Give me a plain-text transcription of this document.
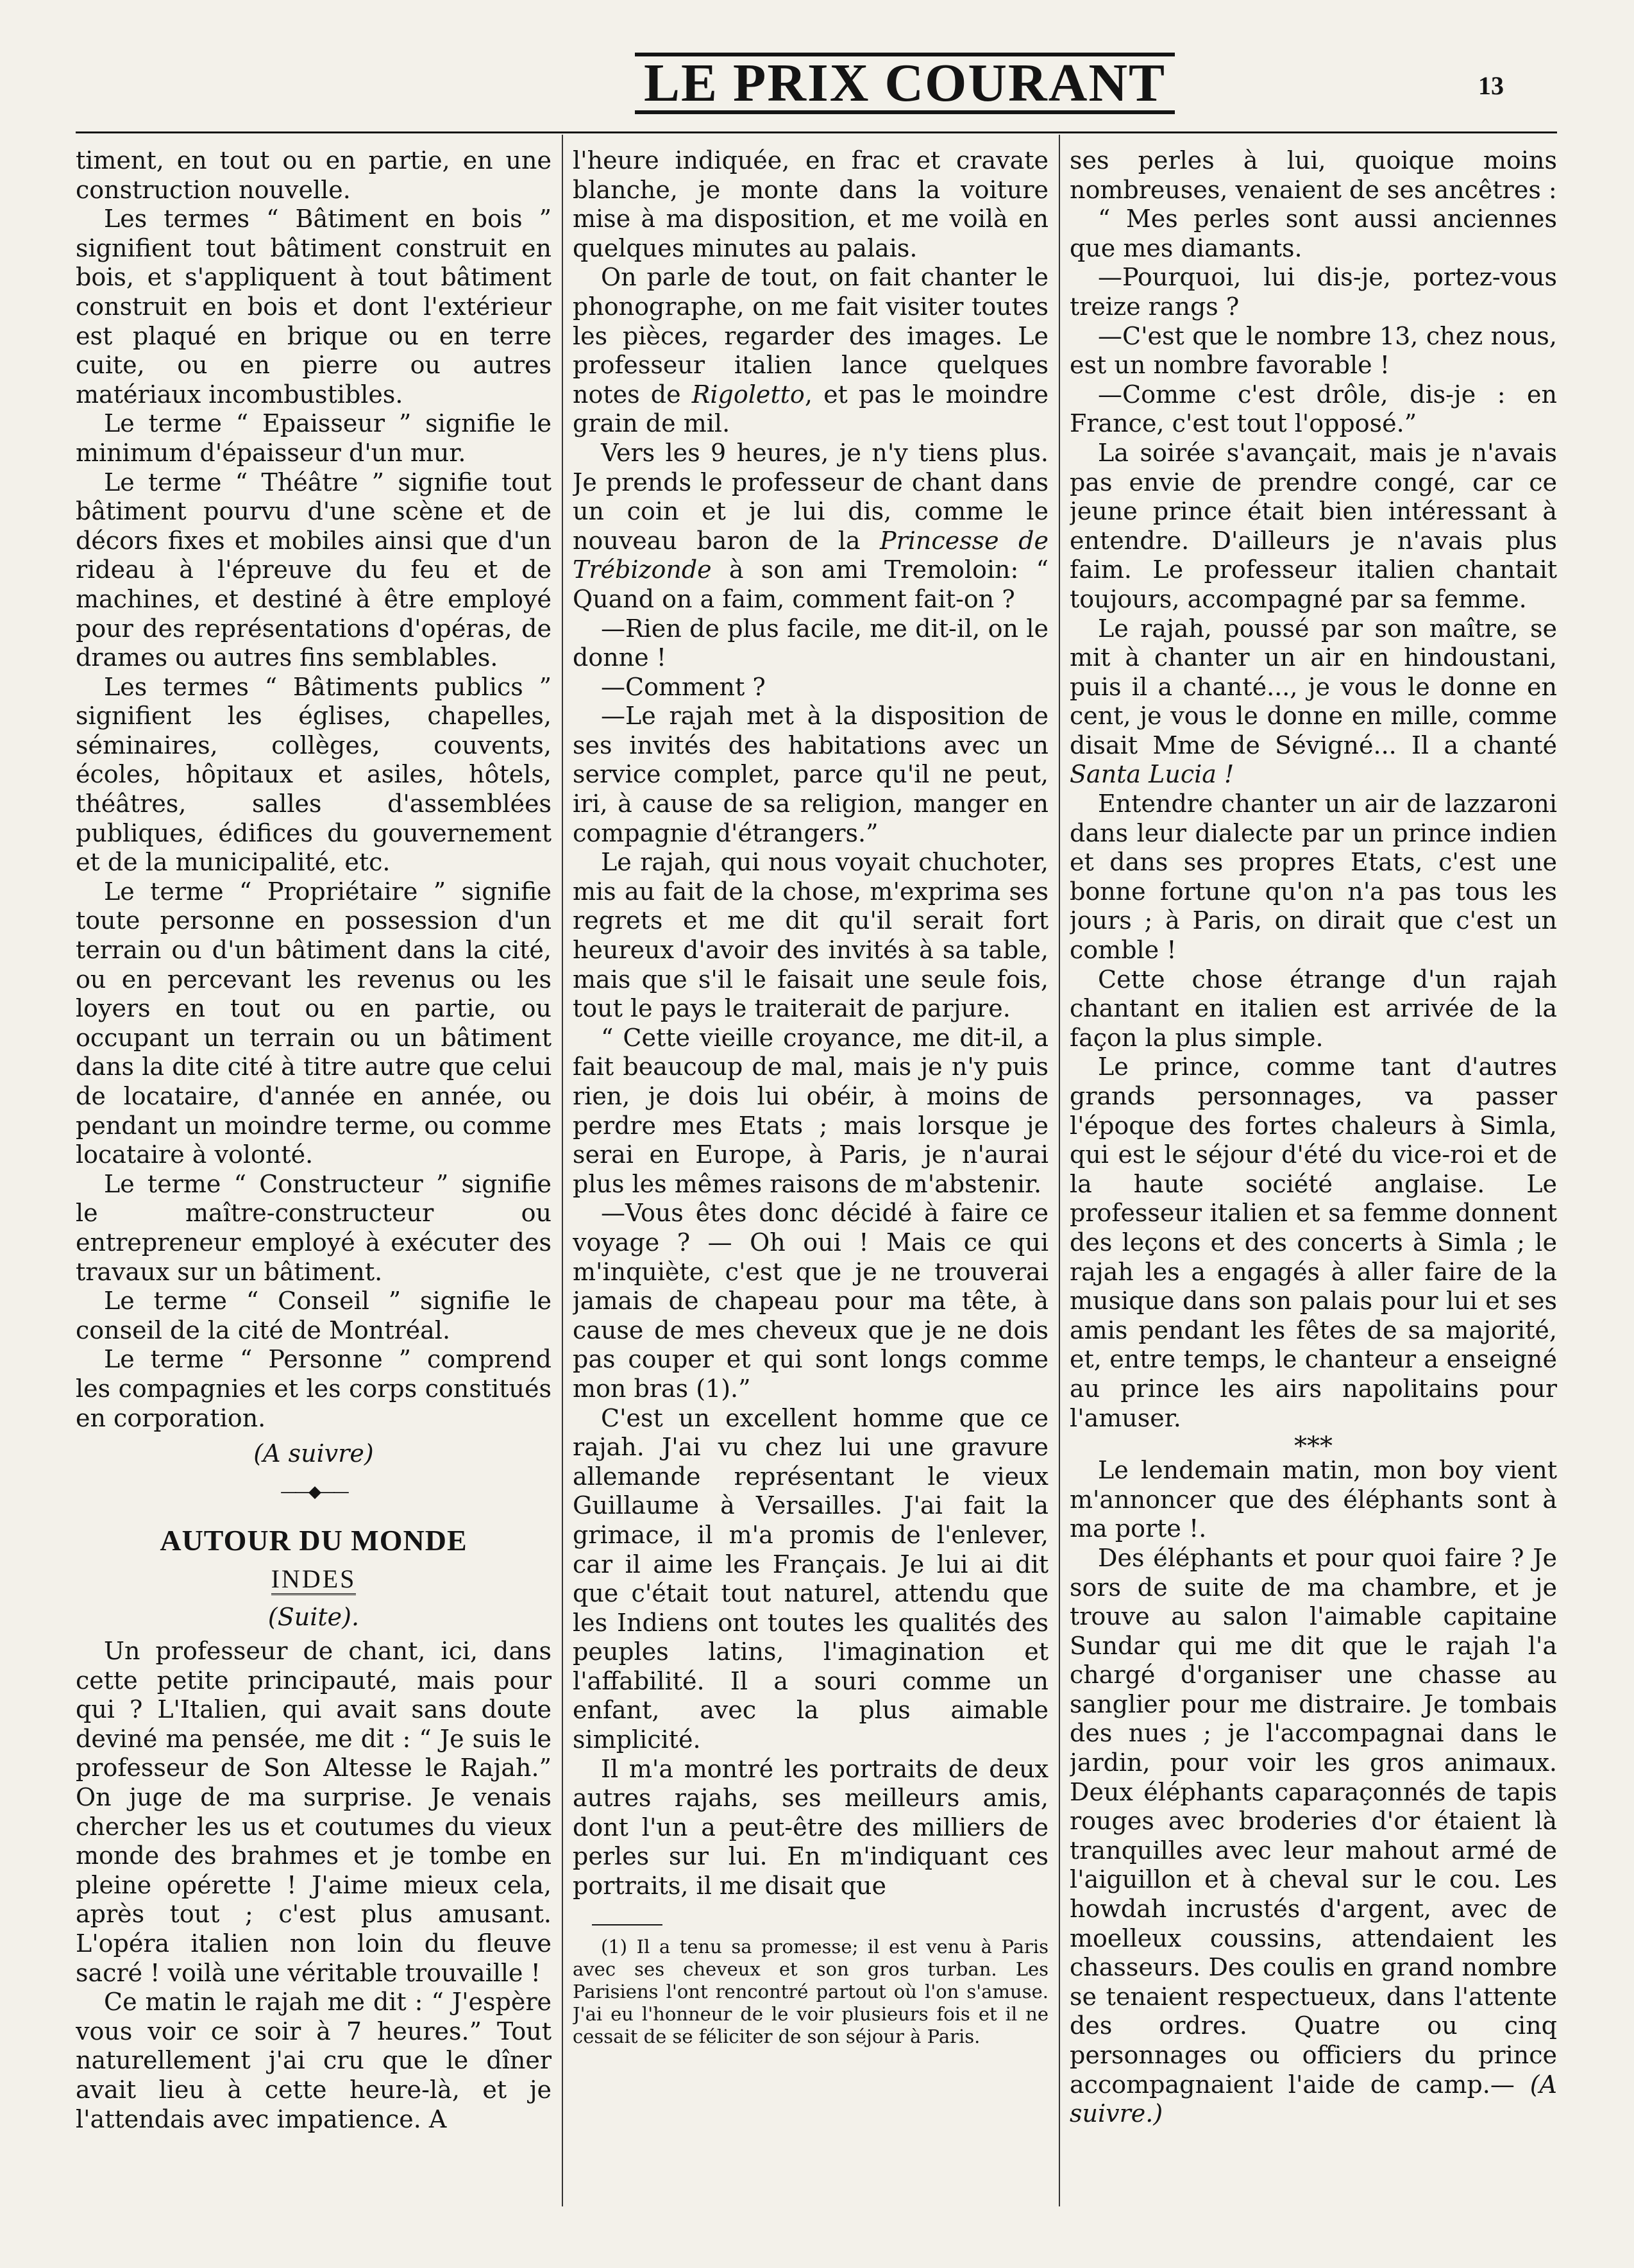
LE PRIX COURANT	13

timent, en tout ou en partie, en une construction nouvelle.

Les termes “ Bâtiment en bois ” signifient tout bâtiment construit en bois, et s'appliquent à tout bâtiment construit en bois et dont l'extérieur est plaqué en brique ou en terre cuite, ou en pierre ou autres matériaux incombustibles.

Le terme “ Epaisseur ” signifie le minimum d'épaisseur d'un mur.

Le terme “ Théâtre ” signifie tout bâtiment pourvu d'une scène et de décors fixes et mobiles ainsi que d'un rideau à l'épreuve du feu et de machines, et destiné à être employé pour des représentations d'opéras, de drames ou autres fins semblables.

Les termes “ Bâtiments publics ” signifient les églises, chapelles, séminaires, collèges, couvents, écoles, hôpitaux et asiles, hôtels, théâtres, salles d'assemblées publiques, édifices du gouvernement et de la municipalité, etc.

Le terme “ Propriétaire ” signifie toute personne en possession d'un terrain ou d'un bâtiment dans la cité, ou en percevant les revenus ou les loyers en tout ou en partie, ou occupant un terrain ou un bâtiment dans la dite cité à titre autre que celui de locataire, d'année en année, ou pendant un moindre terme, ou comme locataire à volonté.

Le terme “ Constructeur ” signifie le maître-constructeur ou entrepreneur employé à exécuter des travaux sur un bâtiment.

Le terme “ Conseil ” signifie le conseil de la cité de Montréal.

Le terme “ Personne ” comprend les compagnies et les corps constitués en corporation.

(A suivre)
——◆——
AUTOUR DU MONDE
INDES
(Suite).

Un professeur de chant, ici, dans cette petite principauté, mais pour qui ? L'Italien, qui avait sans doute deviné ma pensée, me dit : “ Je suis le professeur de Son Altesse le Rajah.” On juge de ma surprise. Je venais chercher les us et coutumes du vieux monde des brahmes et je tombe en pleine opérette ! J'aime mieux cela, après tout ; c'est plus amusant. L'opéra italien non loin du fleuve sacré ! voilà une véritable trouvaille !

Ce matin le rajah me dit : “ J'espère vous voir ce soir à 7 heures.” Tout naturellement j'ai cru que le dîner avait lieu à cette heure-là, et je l'attendais avec impatience. A

l'heure indiquée, en frac et cravate blanche, je monte dans la voiture mise à ma disposition, et me voilà en quelques minutes au palais.

On parle de tout, on fait chanter le phonographe, on me fait visiter toutes les pièces, regarder des images. Le professeur italien lance quelques notes de Rigoletto, et pas le moindre grain de mil.

Vers les 9 heures, je n'y tiens plus. Je prends le professeur de chant dans un coin et je lui dis, comme le nouveau baron de la Princesse de Trébizonde à son ami Tremoloin: “ Quand on a faim, comment fait-on ?

—Rien de plus facile, me dit-il, on le donne !

—Comment ?

—Le rajah met à la disposition de ses invités des habitations avec un service complet, parce qu'il ne peut, iri, à cause de sa religion, manger en compagnie d'étrangers.”

Le rajah, qui nous voyait chuchoter, mis au fait de la chose, m'exprima ses regrets et me dit qu'il serait fort heureux d'avoir des invités à sa table, mais que s'il le faisait une seule fois, tout le pays le traiterait de parjure.

“ Cette vieille croyance, me dit-il, a fait beaucoup de mal, mais je n'y puis rien, je dois lui obéir, à moins de perdre mes Etats ; mais lorsque je serai en Europe, à Paris, je n'aurai plus les mêmes raisons de m'abstenir.

—Vous êtes donc décidé à faire ce voyage ? — Oh oui ! Mais ce qui m'inquiète, c'est que je ne trouverai jamais de chapeau pour ma tête, à cause de mes cheveux que je ne dois pas couper et qui sont longs comme mon bras (1).”

C'est un excellent homme que ce rajah. J'ai vu chez lui une gravure allemande représentant le vieux Guillaume à Versailles. J'ai fait la grimace, il m'a promis de l'enlever, car il aime les Français. Je lui ai dit que c'était tout naturel, attendu que les Indiens ont toutes les qualités des peuples latins, l'imagination et l'affabilité. Il a souri comme un enfant, avec la plus aimable simplicité.

Il m'a montré les portraits de deux autres rajahs, ses meilleurs amis, dont l'un a peut-être des milliers de perles sur lui. En m'indiquant ces portraits, il me disait que

(1) Il a tenu sa promesse; il est venu à Paris avec ses cheveux et son gros turban. Les Parisiens l'ont rencontré partout où l'on s'amuse. J'ai eu l'honneur de le voir plusieurs fois et il ne cessait de se féliciter de son séjour à Paris.

ses perles à lui, quoique moins nombreuses, venaient de ses ancêtres :

“ Mes perles sont aussi anciennes que mes diamants.

—Pourquoi, lui dis-je, portez-vous treize rangs ?

—C'est que le nombre 13, chez nous, est un nombre favorable !

—Comme c'est drôle, dis-je : en France, c'est tout l'opposé.”

La soirée s'avançait, mais je n'avais pas envie de prendre congé, car ce jeune prince était bien intéressant à entendre. D'ailleurs je n'avais plus faim. Le professeur italien chantait toujours, accompagné par sa femme.

Le rajah, poussé par son maître, se mit à chanter un air en hindoustani, puis il a chanté..., je vous le donne en cent, je vous le donne en mille, comme disait Mme de Sévigné... Il a chanté Santa Lucia !

Entendre chanter un air de lazzaroni dans leur dialecte par un prince indien et dans ses propres Etats, c'est une bonne fortune qu'on n'a pas tous les jours ; à Paris, on dirait que c'est un comble !

Cette chose étrange d'un rajah chantant en italien est arrivée de la façon la plus simple.

Le prince, comme tant d'autres grands personnages, va passer l'époque des fortes chaleurs à Simla, qui est le séjour d'été du vice-roi et de la haute société anglaise. Le professeur italien et sa femme donnent des leçons et des concerts à Simla ; le rajah les a engagés à aller faire de la musique dans son palais pour lui et ses amis pendant les fêtes de sa majorité, et, entre temps, le chanteur a enseigné au prince les airs napolitains pour l'amuser.

***

Le lendemain matin, mon boy vient m'annoncer que des éléphants sont à ma porte !.

Des éléphants et pour quoi faire ? Je sors de suite de ma chambre, et je trouve au salon l'aimable capitaine Sundar qui me dit que le rajah l'a chargé d'organiser une chasse au sanglier pour me distraire. Je tombais des nues ; je l'accompagnai dans le jardin, pour voir les gros animaux. Deux éléphants caparaçonnés de tapis rouges avec broderies d'or étaient là tranquilles avec leur mahout armé de l'aiguillon et à cheval sur le cou. Les howdah incrustés d'argent, avec de moelleux coussins, attendaient les chasseurs. Des coulis en grand nombre se tenaient respectueux, dans l'attente des ordres. Quatre ou cinq personnages ou officiers du prince accompagnaient l'aide de camp.— (A suivre.)
